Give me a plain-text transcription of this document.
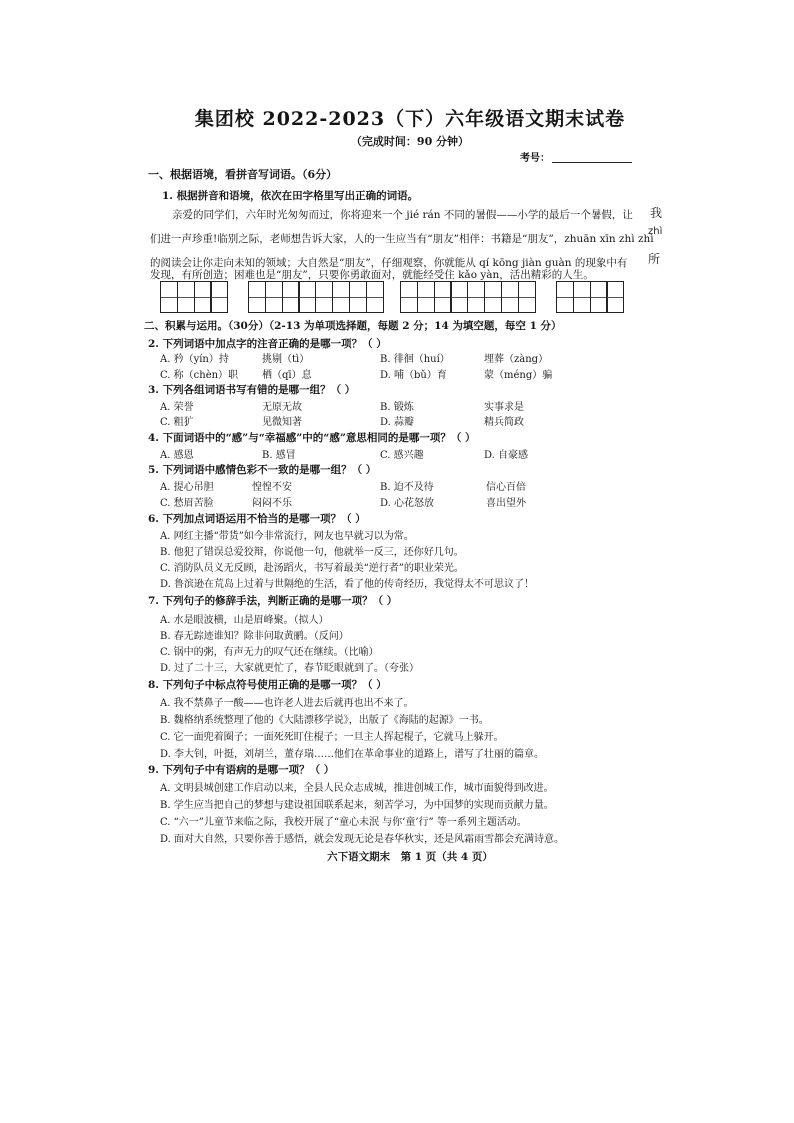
集团校 2022-2023（下）六年级语文期末试卷
（完成时间：90 分钟）
考号：
一、根据语境，看拼音写词语。（6分）
1. 根据拼音和语境，依次在田字格里写出正确的词语。
亲爱的同学们，六年时光匆匆而过，你将迎来一个 jié rán 不同的暑假——小学的最后一个暑假，让
们进一声珍重!临别之际，老师想告诉大家，人的一生应当有“朋友”相伴：书籍是“朋友”，zhuān xīn zhì zhì
的阅读会让你走向未知的领域；大自然是“朋友”，仔细观察，你就能从 qí kōng jiàn guàn 的现象中有
发现，有所创造；困难也是“朋友”，只要你勇敢面对，就能经受住 kǎo yàn，活出精彩的人生。
我
所
zhì
二、积累与运用。（30分）（2-13 为单项选择题，每题 2 分；14 为填空题，每空 1 分）
2. 下列词语中加点字的注音正确的是哪一项？（ ）
A. 矜（yín）持	挑剔（tì）	B. 徘徊（huí）	埋葬（zàng）
C. 称（chèn）职 栖（qī）息	D. 哺（bǔ）育	蒙（méng）骗
3. 下列各组词语书写有错的是哪一组？（ ）
A. 荣誉	无原无故	B. 锻炼	实事求是
C. 粗犷	见微知著	D. 蒜瓣	精兵简政
4. 下面词语中的“感”与“幸福感”中的“感”意思相同的是哪一项？（ ）
A. 感恩	B. 感冒	C. 感兴趣	D. 自豪感
5. 下列词语中感情色彩不一致的是哪一组？（ ）
A. 提心吊胆	惶惶不安	B. 迫不及待	信心百倍
C. 愁眉苦脸	闷闷不乐	D. 心花怒放	喜出望外
6. 下列加点词语运用不恰当的是哪一项？（ ）
A. 网红主播“带货”如今非常流行，网友也早就习以为常。
B. 他犯了错误总爱狡辩，你说他一句，他就举一反三，还你好几句。
C. 消防队员义无反顾，赴汤蹈火，书写着最美“逆行者”的职业荣光。
D. 鲁滨逊在荒岛上过着与世隔绝的生活，看了他的传奇经历，我觉得太不可思议了！
7. 下列句子的修辞手法，判断正确的是哪一项？（ ）
A. 水是眼波横，山是眉峰聚。（拟人）
B. 春无踪迹谁知？除非问取黄鹂。（反问）
C. 锅中的粥，有声无力的叹气还在继续。（比喻）
D. 过了二十三，大家就更忙了，春节眨眼就到了。（夸张）
8. 下列句子中标点符号使用正确的是哪一项？（ ）
A. 我不禁鼻子一酸——也许老人进去后就再也出不来了。
B. 魏格纳系统整理了他的《大陆漂移学说》，出版了《海陆的起源》一书。
C. 它一面兜着圈子；一面死死盯住棍子；一旦主人挥起棍子，它就马上躲开。
D. 李大钊，叶挺，刘胡兰，董存瑞……他们在革命事业的道路上，谱写了壮丽的篇章。
9. 下列句子中有语病的是哪一项？（ ）
A. 文明县城创建工作启动以来，全县人民众志成城，推进创城工作，城市面貌得到改进。
B. 学生应当把自己的梦想与建设祖国联系起来，刻苦学习，为中国梦的实现而贡献力量。
C. “六一”儿童节来临之际，我校开展了“童心未泯 与你‘童’行” 等一系列主题活动。
D. 面对大自然，只要你善于感悟，就会发现无论是春华秋实，还是风霜雨雪都会充满诗意。
六下语文期末　第 1 页（共 4 页）
